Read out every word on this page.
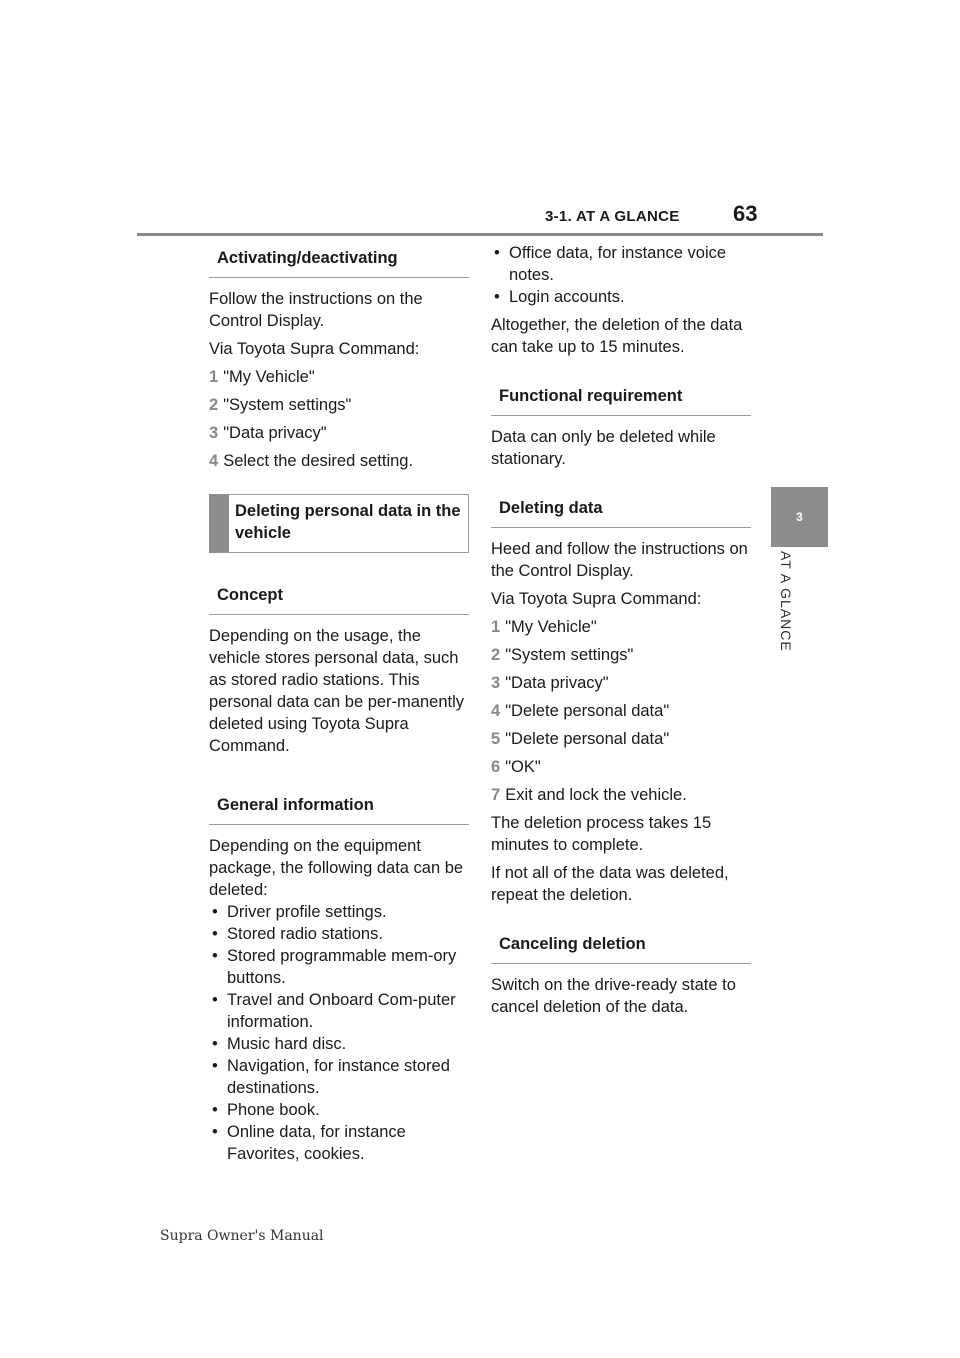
3-1. AT A GLANCE 63
3
AT A GLANCE
Activating/deactivating

Follow the instructions on the Control Display.

Via Toyota Supra Command:

1 "My Vehicle"
2 "System settings"
3 "Data privacy"
4 Select the desired setting.
Deleting personal data in the vehicle
Concept

Depending on the usage, the vehicle stores personal data, such as stored radio stations. This personal data can be per-manently deleted using Toyota Supra Command.

General information

Depending on the equipment package, the following data can be deleted:

• Driver profile settings.
• Stored radio stations.
• Stored programmable mem-ory buttons.
• Travel and Onboard Com-puter information.
• Music hard disc.
• Navigation, for instance stored destinations.
• Phone book.
• Online data, for instance Favorites, cookies.
• Office data, for instance voice notes.
• Login accounts.

Altogether, the deletion of the data can take up to 15 minutes.

Functional requirement

Data can only be deleted while stationary.

Deleting data

Heed and follow the instructions on the Control Display.

Via Toyota Supra Command:

1 "My Vehicle"
2 "System settings"
3 "Data privacy"
4 "Delete personal data"
5 "Delete personal data"
6 "OK"
7 Exit and lock the vehicle.

The deletion process takes 15 minutes to complete.

If not all of the data was deleted, repeat the deletion.

Canceling deletion

Switch on the drive-ready state to cancel deletion of the data.

Supra Owner's Manual
